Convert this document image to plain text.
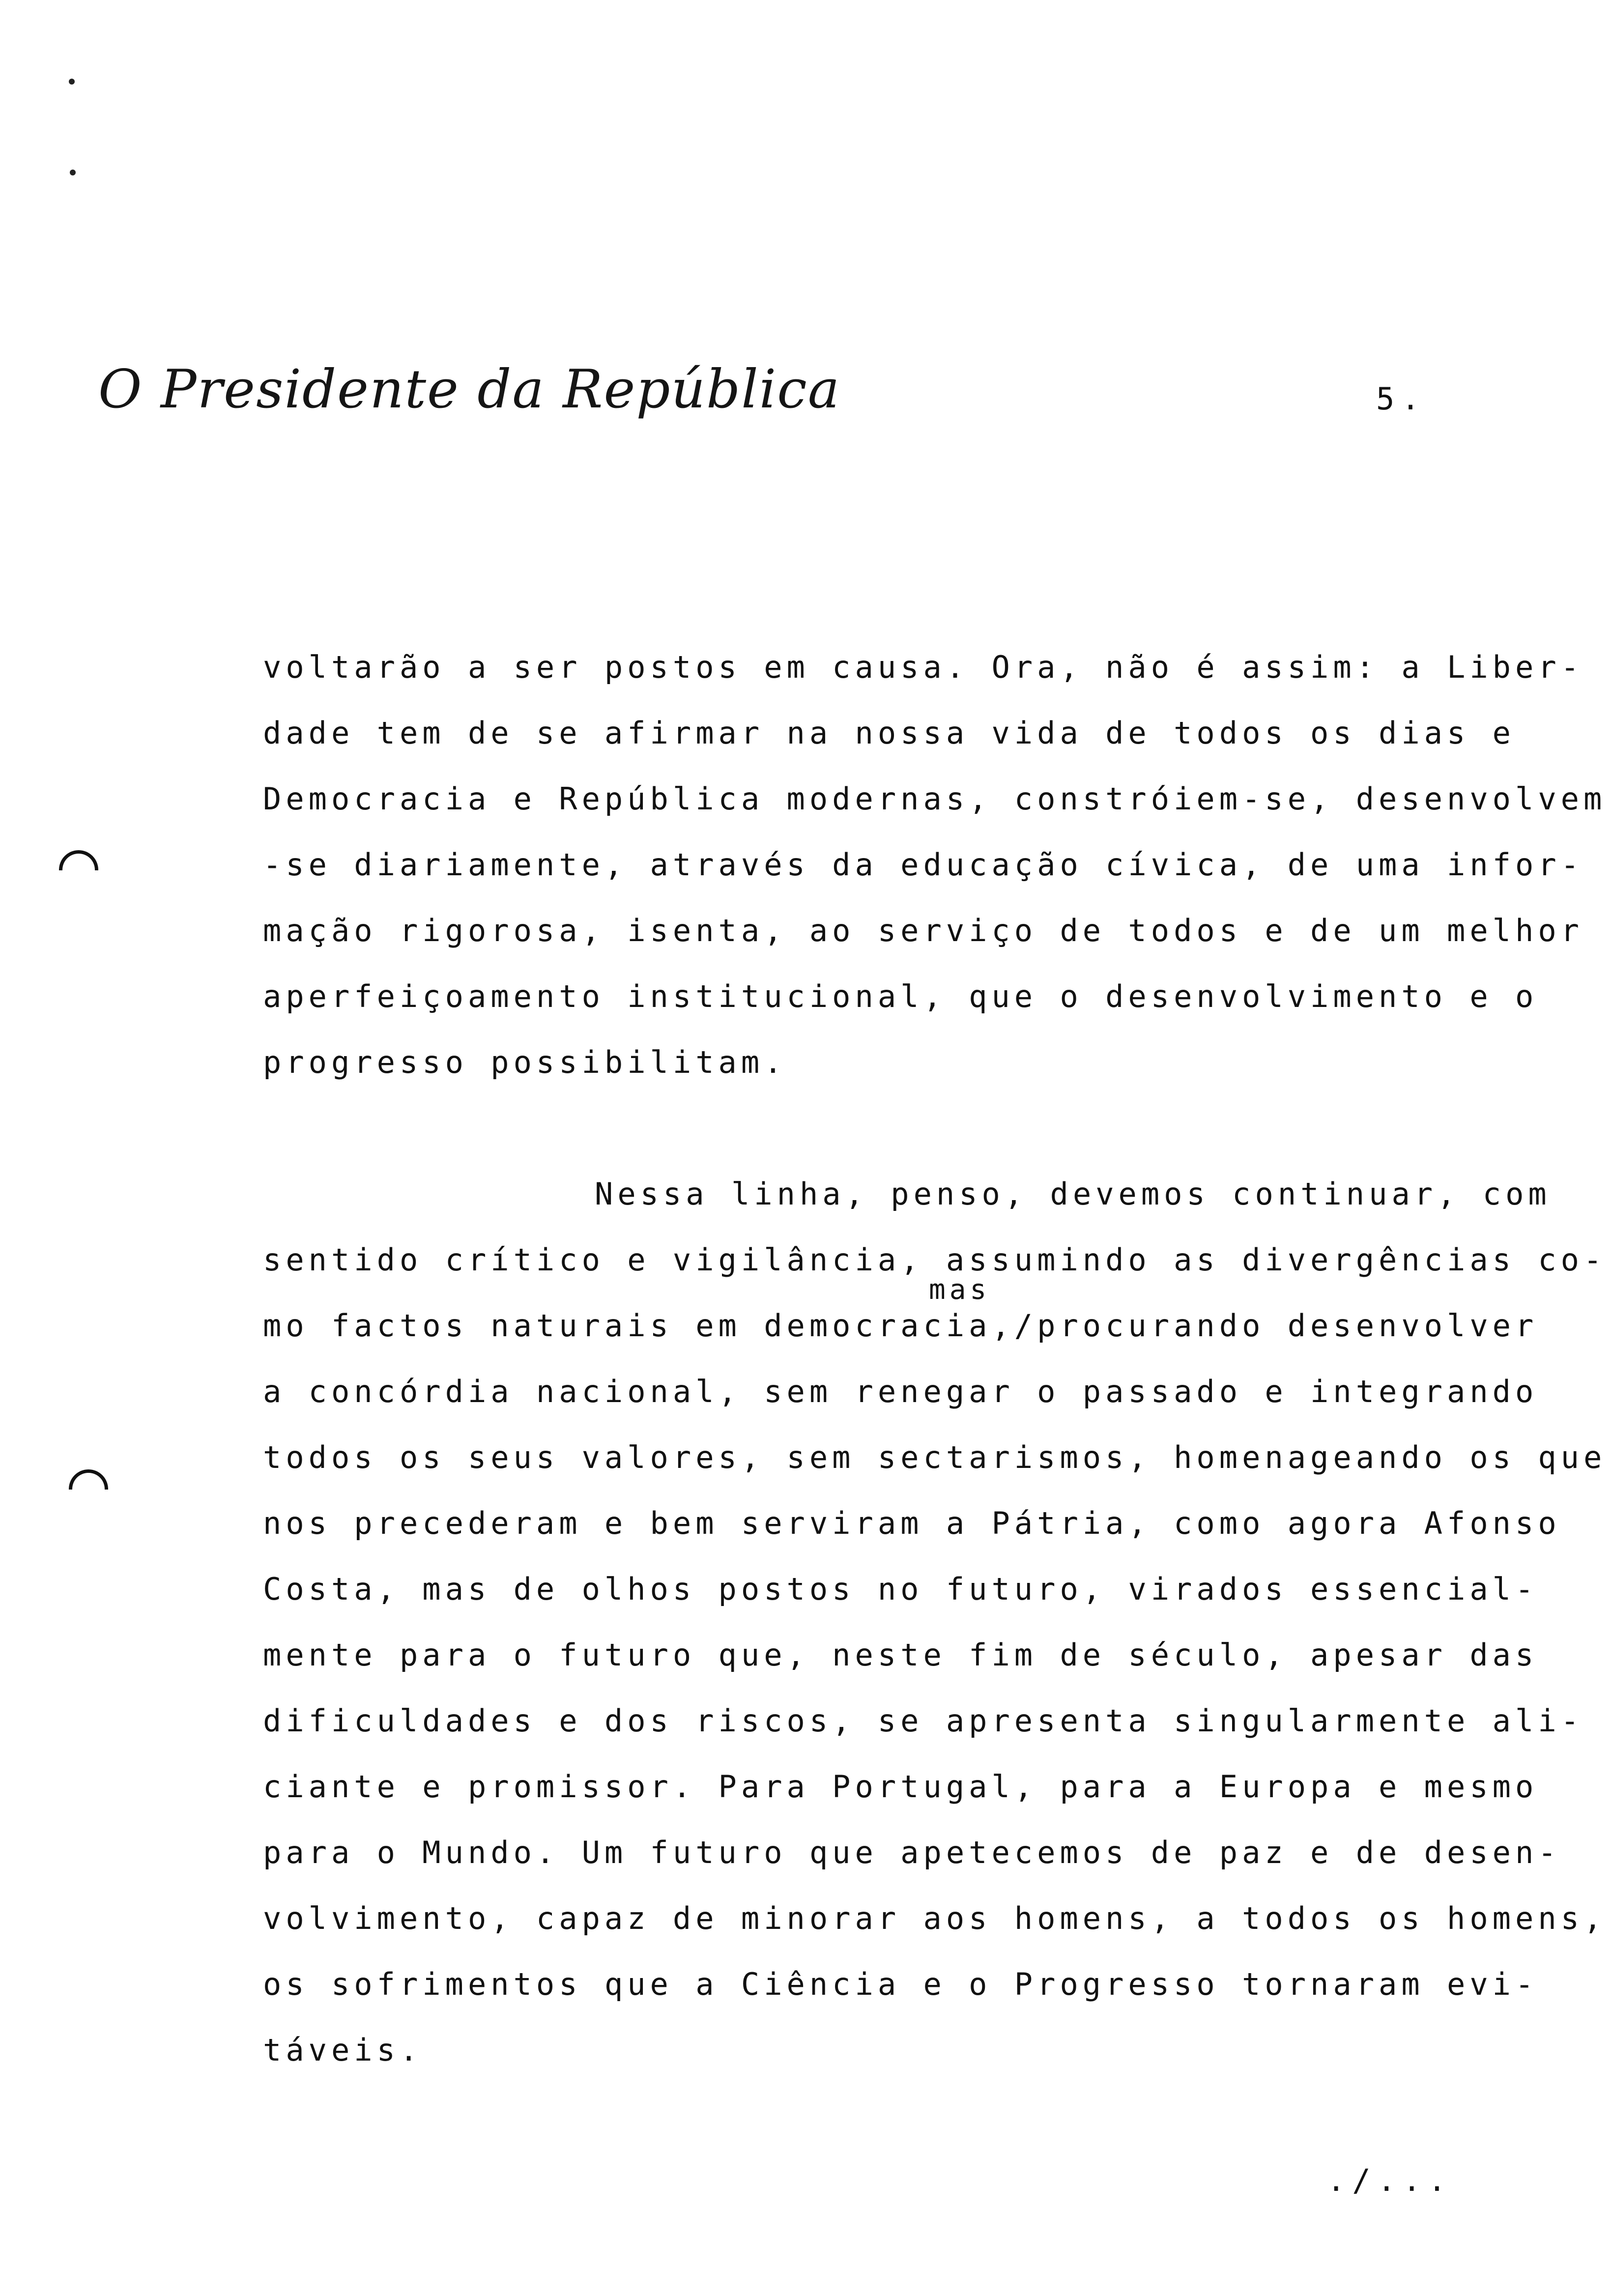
O Presidente da República	5.
voltarão a ser postos em causa. Ora, não é assim: a Liber-
dade tem de se afirmar na nossa vida de todos os dias e
Democracia e República modernas, constróiem-se, desenvolvem
-se diariamente, através da educação cívica, de uma infor-
mação rigorosa, isenta, ao serviço de todos e de um melhor
aperfeiçoamento institucional, que o desenvolvimento e o
progresso possibilitam.
Nessa linha, penso, devemos continuar, com
sentido crítico e vigilância, assumindo as divergências co-
mas
mo factos naturais em democracia,/procurando desenvolver
a concórdia nacional, sem renegar o passado e integrando
todos os seus valores, sem sectarismos, homenageando os que
nos precederam e bem serviram a Pátria, como agora Afonso
Costa, mas de olhos postos no futuro, virados essencial-
mente para o futuro que, neste fim de século, apesar das
dificuldades e dos riscos, se apresenta singularmente ali-
ciante e promissor. Para Portugal, para a Europa e mesmo
para o Mundo. Um futuro que apetecemos de paz e de desen-
volvimento, capaz de minorar aos homens, a todos os homens,
os sofrimentos que a Ciência e o Progresso tornaram evi-
táveis.
./...
